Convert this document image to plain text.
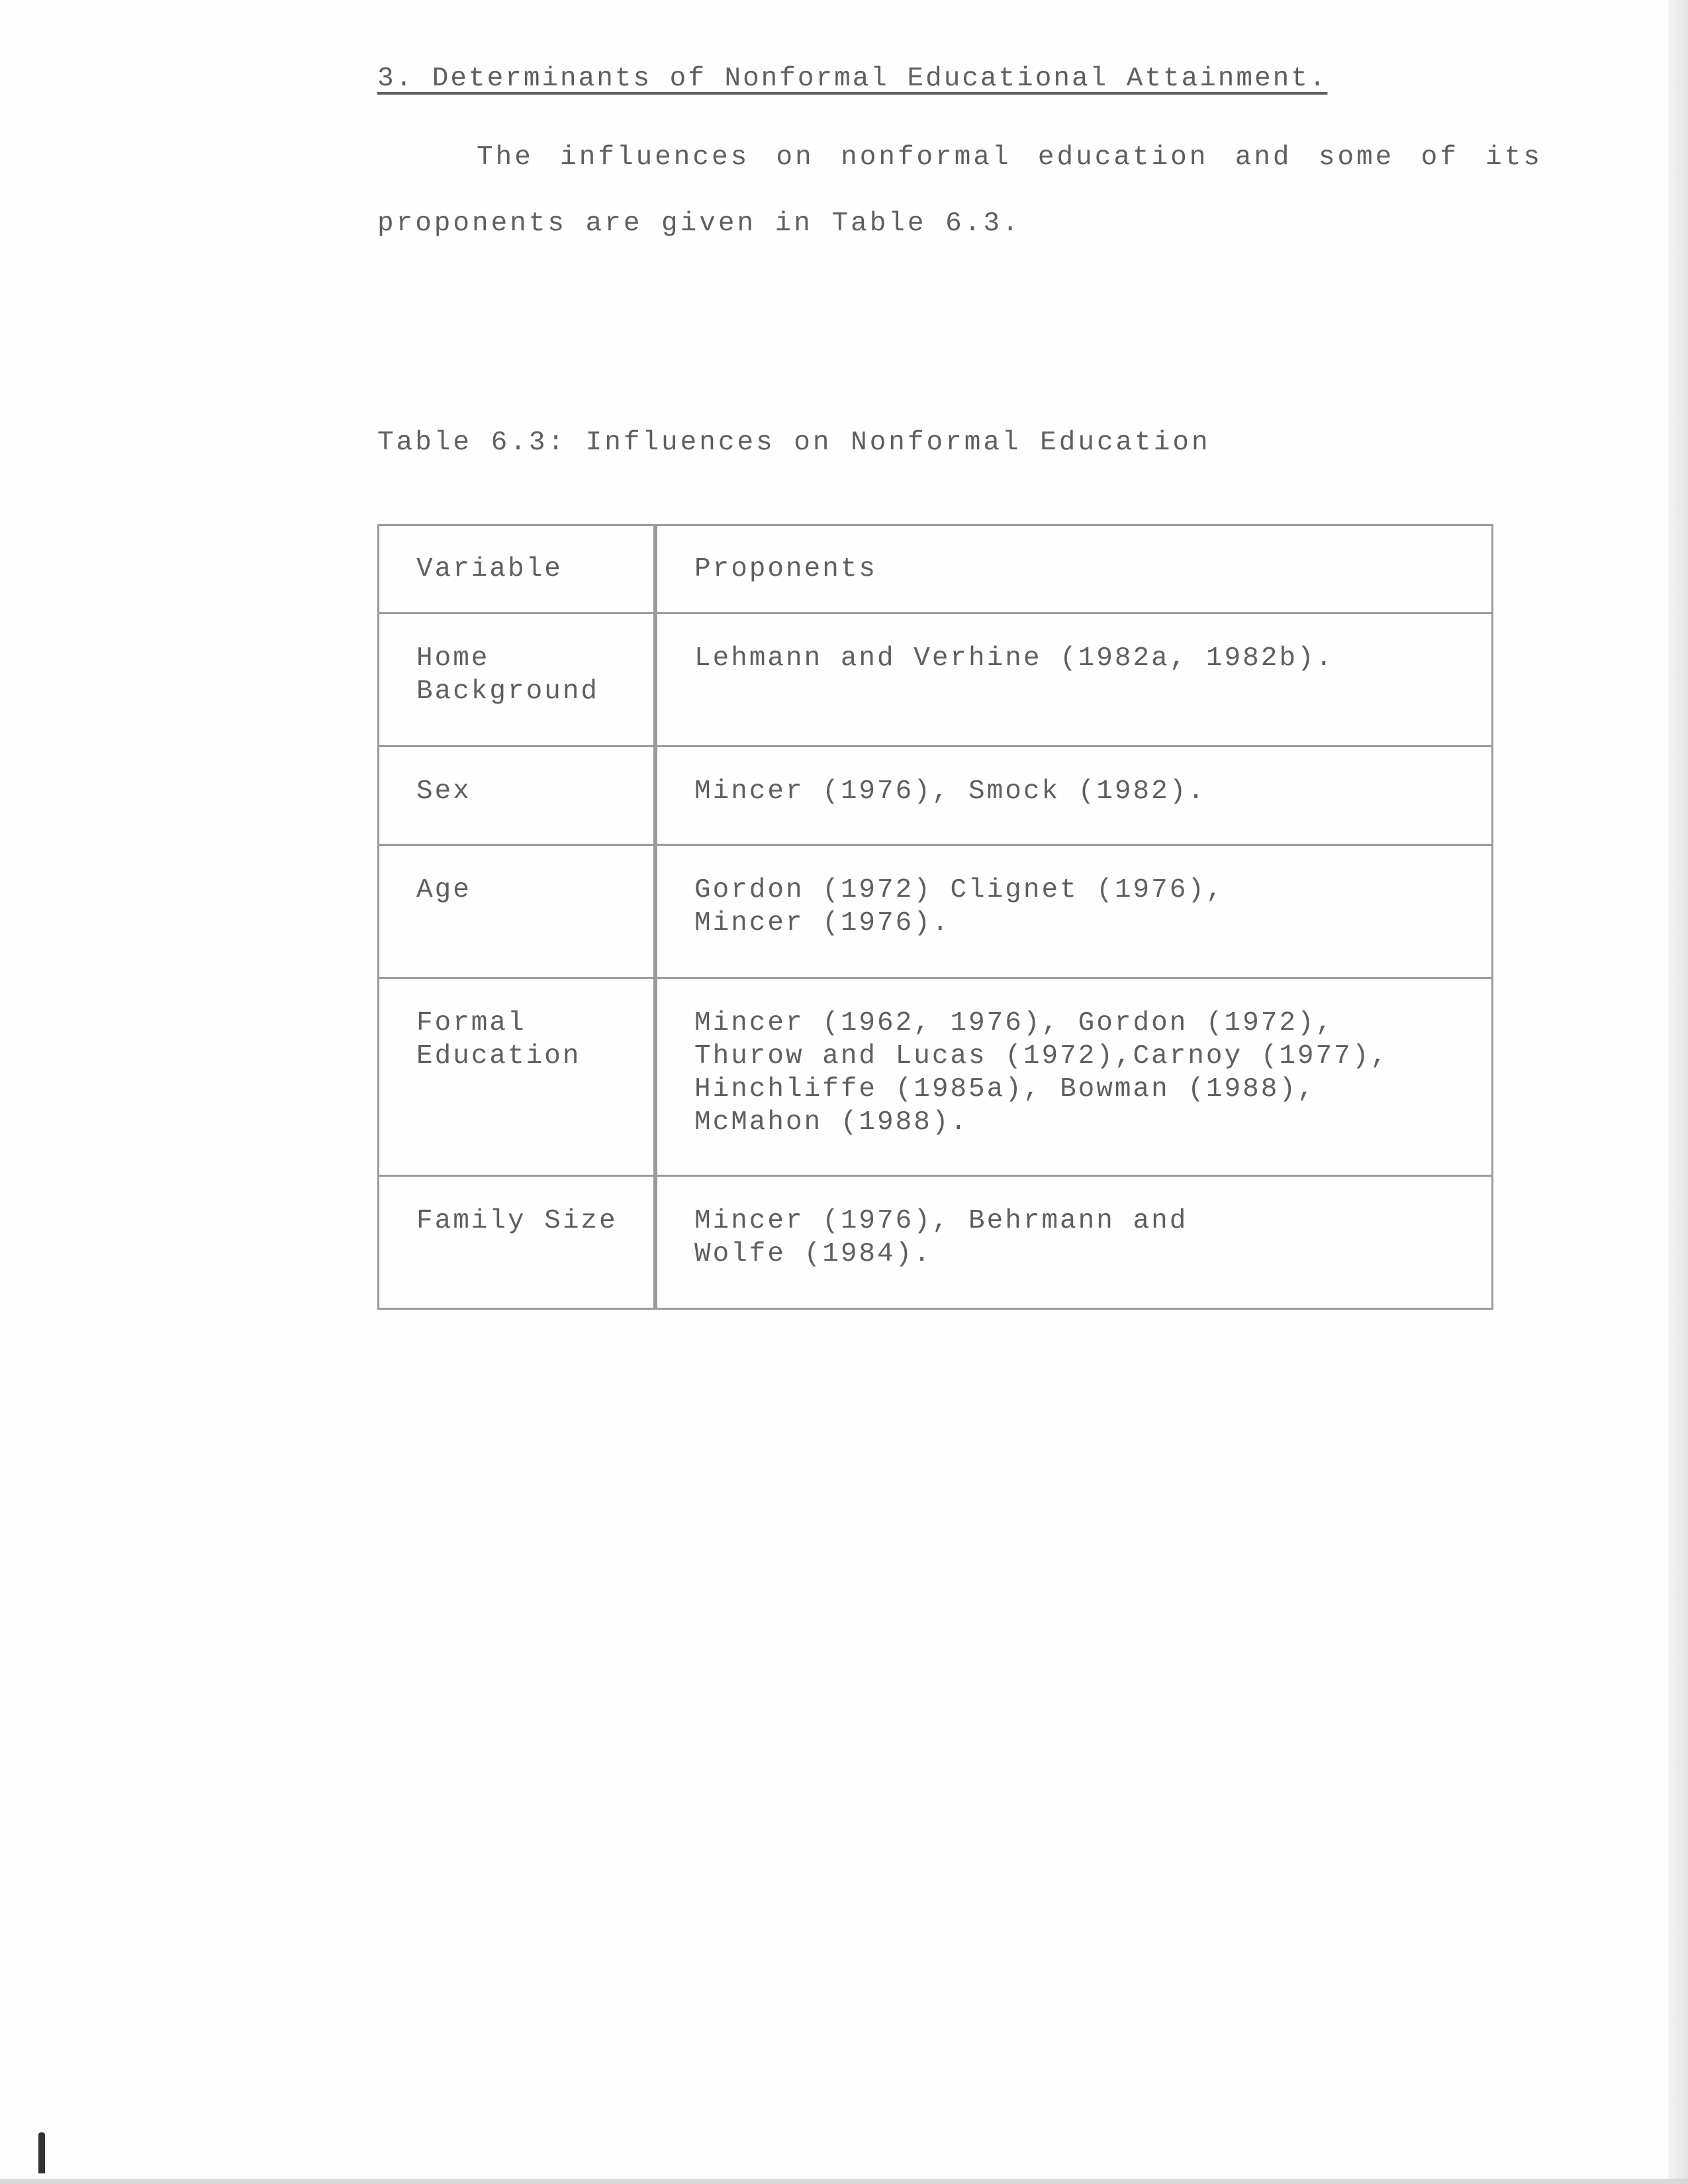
3. Determinants of Nonformal Educational Attainment.
The influences on nonformal education and some of its proponents are given in Table 6.3.
Table 6.3: Influences on Nonformal Education
Variable	Proponents
Home
Background	Lehmann and Verhine (1982a, 1982b).
Sex	Mincer (1976), Smock (1982).
Age	Gordon (1972) Clignet (1976),
Mincer (1976).
Formal
Education	Mincer (1962, 1976), Gordon (1972),
Thurow and Lucas (1972),Carnoy (1977),
Hinchliffe (1985a), Bowman (1988),
McMahon (1988).
Family Size	Mincer (1976), Behrmann and
Wolfe (1984).
